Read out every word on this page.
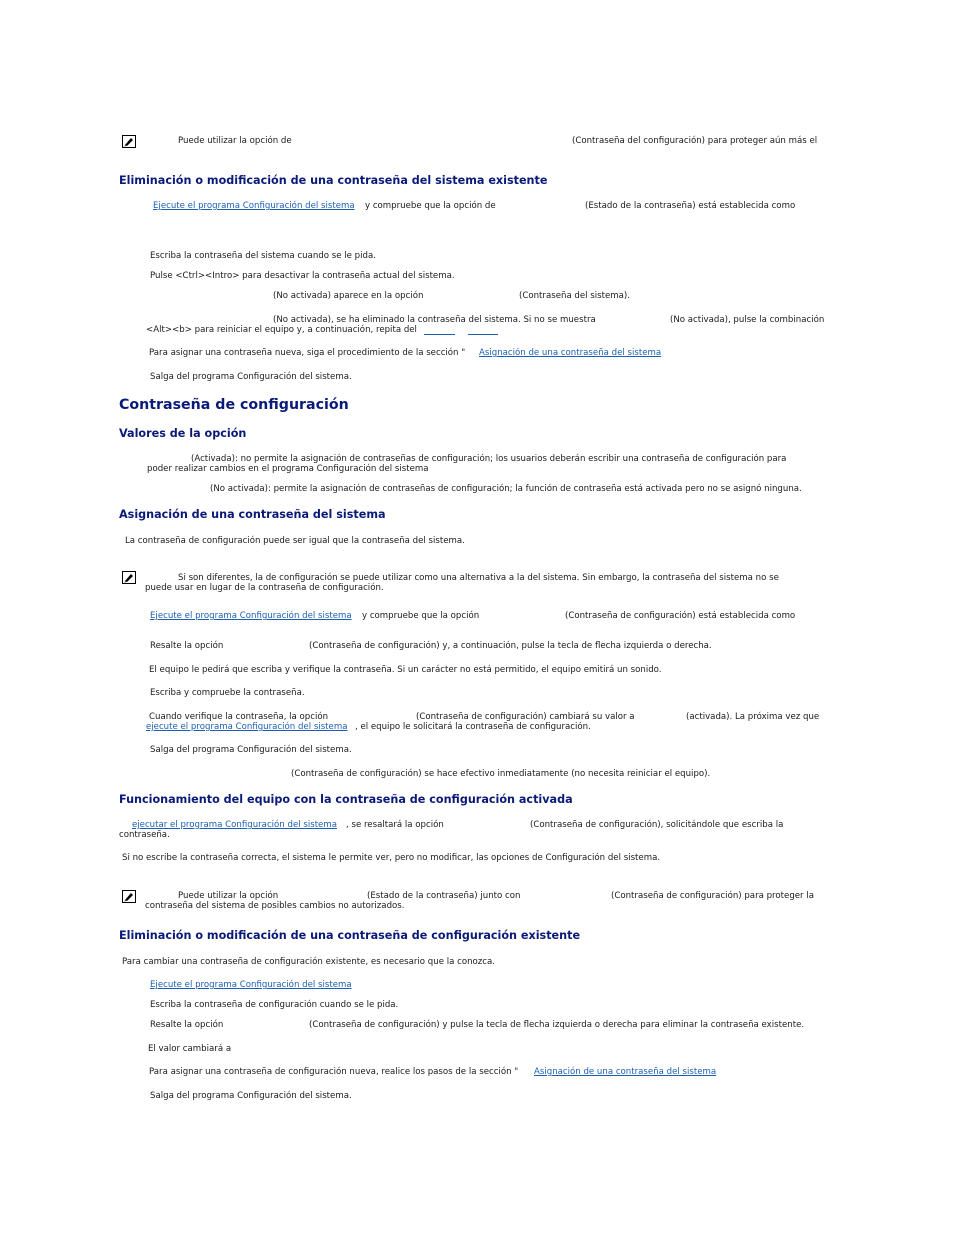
Puede utilizar la opción de	(Contraseña del configuración) para proteger aún más el
Eliminación o modificación de una contraseña del sistema existente
Ejecute el programa Configuración del sistema y compruebe que la opción de	(Estado de la contraseña) está establecida como
Escriba la contraseña del sistema cuando se le pida.
Pulse <Ctrl><Intro> para desactivar la contraseña actual del sistema.
(No activada) aparece en la opción	(Contraseña del sistema).
(No activada), se ha eliminado la contraseña del sistema. Si no se muestra	(No activada), pulse la combinación
<Alt><b> para reiniciar el equipo y, a continuación, repita del
Para asignar una contraseña nueva, siga el procedimiento de la sección " Asignación de una contraseña del sistema
Salga del programa Configuración del sistema.
Contraseña de configuración
Valores de la opción
(Activada): no permite la asignación de contraseñas de configuración; los usuarios deberán escribir una contraseña de configuración para
poder realizar cambios en el programa Configuración del sistema
(No activada): permite la asignación de contraseñas de configuración; la función de contraseña está activada pero no se asignó ninguna.
Asignación de una contraseña del sistema
La contraseña de configuración puede ser igual que la contraseña del sistema.
Si son diferentes, la de configuración se puede utilizar como una alternativa a la del sistema. Sin embargo, la contraseña del sistema no se
puede usar en lugar de la contraseña de configuración.
Ejecute el programa Configuración del sistema y compruebe que la opción	(Contraseña de configuración) está establecida como
Resalte la opción	(Contraseña de configuración) y, a continuación, pulse la tecla de flecha izquierda o derecha.
El equipo le pedirá que escriba y verifique la contraseña. Si un carácter no está permitido, el equipo emitirá un sonido.
Escriba y compruebe la contraseña.
Cuando verifique la contraseña, la opción	(Contraseña de configuración) cambiará su valor a	(activada). La próxima vez que
ejecute el programa Configuración del sistema , el equipo le solicitará la contraseña de configuración.
Salga del programa Configuración del sistema.
(Contraseña de configuración) se hace efectivo inmediatamente (no necesita reiniciar el equipo).
Funcionamiento del equipo con la contraseña de configuración activada
ejecutar el programa Configuración del sistema , se resaltará la opción	(Contraseña de configuración), solicitándole que escriba la
contraseña.
Si no escribe la contraseña correcta, el sistema le permite ver, pero no modificar, las opciones de Configuración del sistema.
Puede utilizar la opción	(Estado de la contraseña) junto con	(Contraseña de configuración) para proteger la
contraseña del sistema de posibles cambios no autorizados.
Eliminación o modificación de una contraseña de configuración existente
Para cambiar una contraseña de configuración existente, es necesario que la conozca.
Ejecute el programa Configuración del sistema
Escriba la contraseña de configuración cuando se le pida.
Resalte la opción	(Contraseña de configuración) y pulse la tecla de flecha izquierda o derecha para eliminar la contraseña existente.
El valor cambiará a
Para asignar una contraseña de configuración nueva, realice los pasos de la sección " Asignación de una contraseña del sistema
Salga del programa Configuración del sistema.
